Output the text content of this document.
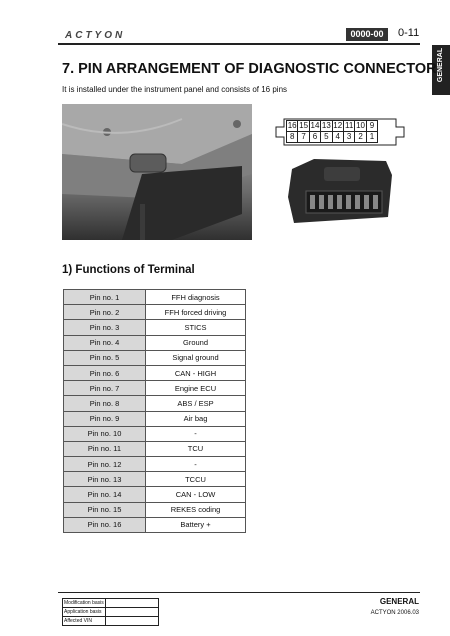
ACTYON	0000-00	0-11
GENERAL
7. PIN ARRANGEMENT OF DIAGNOSTIC CONNECTOR
It is installed under the instrument panel and consists of 16 pins
16 15 14 13 12 11 10 9
8 7 6 5 4 3 2 1
1) Functions of Terminal
Pin no. 1	FFH diagnosis
Pin no. 2	FFH forced driving
Pin no. 3	STICS
Pin no. 4	Ground
Pin no. 5	Signal ground
Pin no. 6	CAN - HIGH
Pin no. 7	Engine ECU
Pin no. 8	ABS / ESP
Pin no. 9	Air bag
Pin no. 10	-
Pin no. 11	TCU
Pin no. 12	-
Pin no. 13	TCCU
Pin no. 14	CAN - LOW
Pin no. 15	REKES coding
Pin no. 16	Battery +
Modification basis	
Application basis	
Affected VIN	
GENERAL
ACTYON 2006.03
